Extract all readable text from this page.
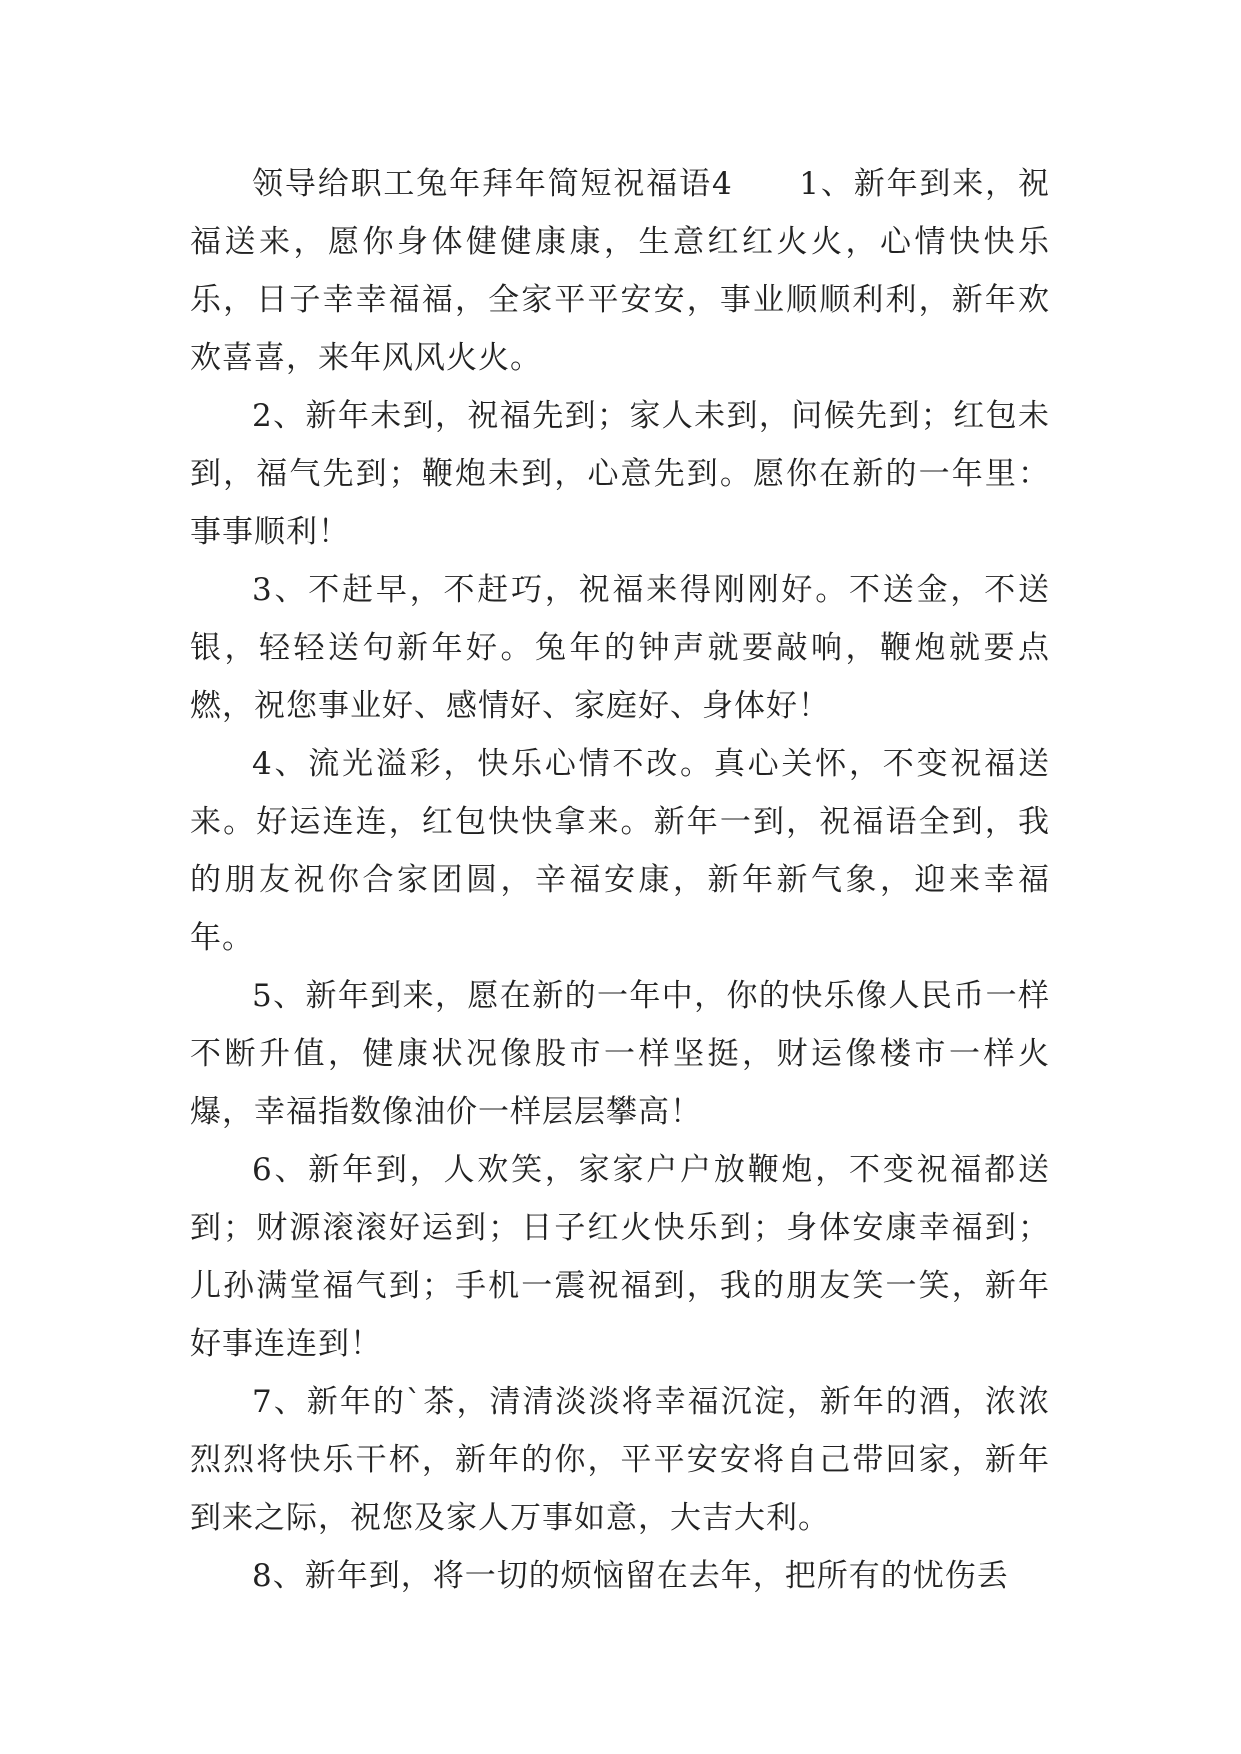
领导给职工兔年拜年简短祝福语4　　1、新年到来，祝福送来，愿你身体健健康康，生意红红火火，心情快快乐乐，日子幸幸福福，全家平平安安，事业顺顺利利，新年欢欢喜喜，来年风风火火。

2、新年未到，祝福先到；家人未到，问候先到；红包未到，福气先到；鞭炮未到，心意先到。愿你在新的一年里：事事顺利！

3、不赶早，不赶巧，祝福来得刚刚好。不送金，不送银，轻轻送句新年好。兔年的钟声就要敲响，鞭炮就要点燃，祝您事业好、感情好、家庭好、身体好！

4、流光溢彩，快乐心情不改。真心关怀，不变祝福送来。好运连连，红包快快拿来。新年一到，祝福语全到，我的朋友祝你合家团圆，辛福安康，新年新气象，迎来幸福年。

5、新年到来，愿在新的一年中，你的快乐像人民币一样不断升值，健康状况像股市一样坚挺，财运像楼市一样火爆，幸福指数像油价一样层层攀高！

6、新年到，人欢笑，家家户户放鞭炮，不变祝福都送到；财源滚滚好运到；日子红火快乐到；身体安康幸福到；儿孙满堂福气到；手机一震祝福到，我的朋友笑一笑，新年好事连连到！

7、新年的`茶，清清淡淡将幸福沉淀，新年的酒，浓浓烈烈将快乐干杯，新年的你，平平安安将自己带回家，新年到来之际，祝您及家人万事如意，大吉大利。

8、新年到，将一切的烦恼留在去年，把所有的忧伤丢
